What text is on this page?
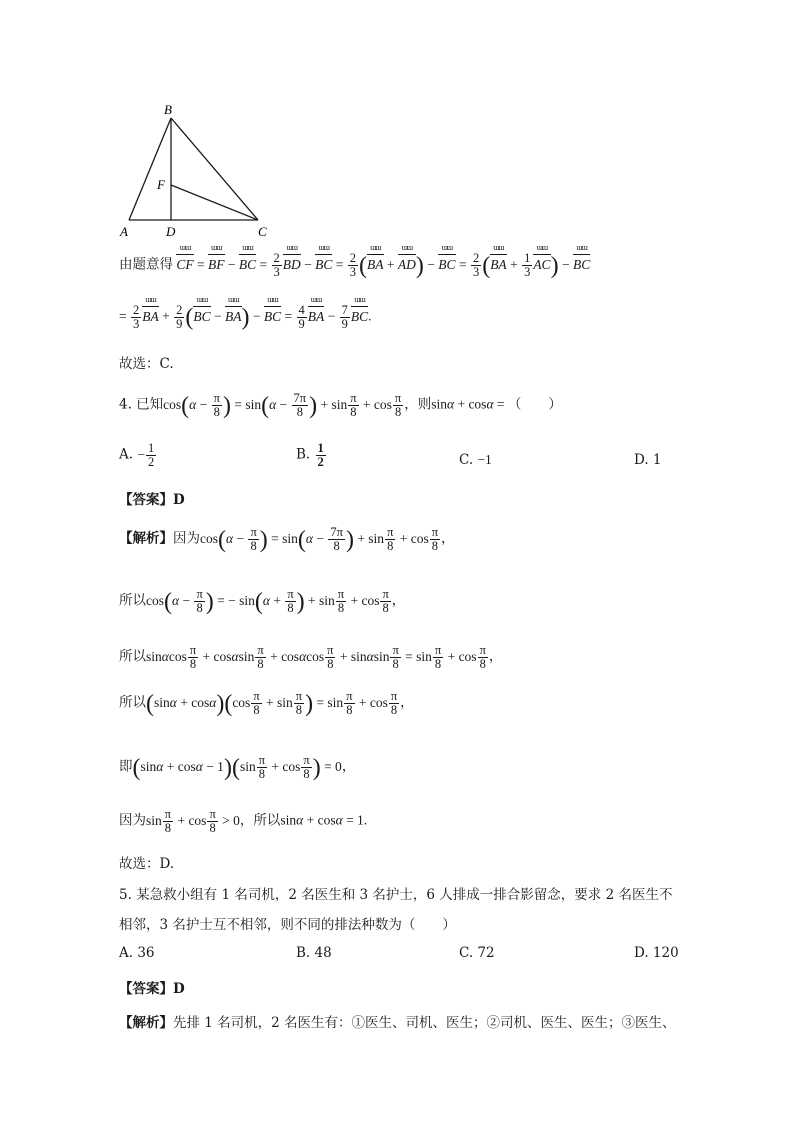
B
F
A	D	C
由题意得 CF ɯɯ = BF ɯɯ − BC ɯɯ = $\frac{2}{3}$ BD ɯɯ − BC ɯɯ = $\frac{2}{3} (BA$ ɯɯ + AD ɯɯ) − BC ɯɯ = $\frac{2}{3} (BA$ ɯɯ + $\frac{1}{3}$ AC ɯɯ) − BC ɯɯ
= $\frac{2}{3}$ BA ɯɯ + $\frac{2}{9} (BC$ ɯɯ − BA ɯɯ) − BC ɯɯ = $\frac{4}{9}$ BA ɯɯ − $\frac{7}{9}$ BC ɯɯ.
故选：C.
4. 已知$\cos(\alpha - \frac{\pi}{8}$ ) = $\sin(\alpha - \frac{7\pi}{8}$ ) + $\sin \frac{\pi}{8} + \cos \frac{\pi}{8}$ ，则sinα + cosα = （　　）
A. − $\frac{1}{2}$	B. $\frac{1}{2}$	C. −1	D. 1
【答案】D
【解析】因为$\cos(\alpha - \frac{\pi}{8}$ ) = $\sin(\alpha - \frac{7\pi}{8}$ ) + $\sin \frac{\pi}{8} + \cos \frac{\pi}{8}$ ，
所以$\cos(\alpha - \frac{\pi}{8}$ ) = − $\sin(\alpha + \frac{\pi}{8}$ ) + $\sin \frac{\pi}{8} + \cos \frac{\pi}{8}$ ，
所以sinαcos $\frac{\pi}{8} + \cos\alpha\sin \frac{\pi}{8} + \cos\alpha\cos \frac{\pi}{8} + \sin\alpha\sin \frac{\pi}{8} = \sin \frac{\pi}{8} + \cos \frac{\pi}{8}$ ，
所以$(\sin\alpha + \cos\alpha)(\cos \frac{\pi}{8} + \sin \frac{\pi}{8}$ ) = $\sin \frac{\pi}{8} + \cos \frac{\pi}{8}$ ，
即$(\sin\alpha + \cos\alpha - 1)(\sin \frac{\pi}{8} + \cos \frac{\pi}{8}$ ) = 0，
因为$\sin \frac{\pi}{8} + \cos \frac{\pi}{8} > 0$，所以sinα + cosα = 1.
故选：D.
5. 某急救小组有 1 名司机，2 名医生和 3 名护士，6 人排成一排合影留念，要求 2 名医生不
相邻，3 名护士互不相邻，则不同的排法种数为（　　）
A. 36	B. 48	C. 72	D. 120
【答案】D
【解析】先排 1 名司机，2 名医生有：①医生、司机、医生；②司机、医生、医生；③医生、
